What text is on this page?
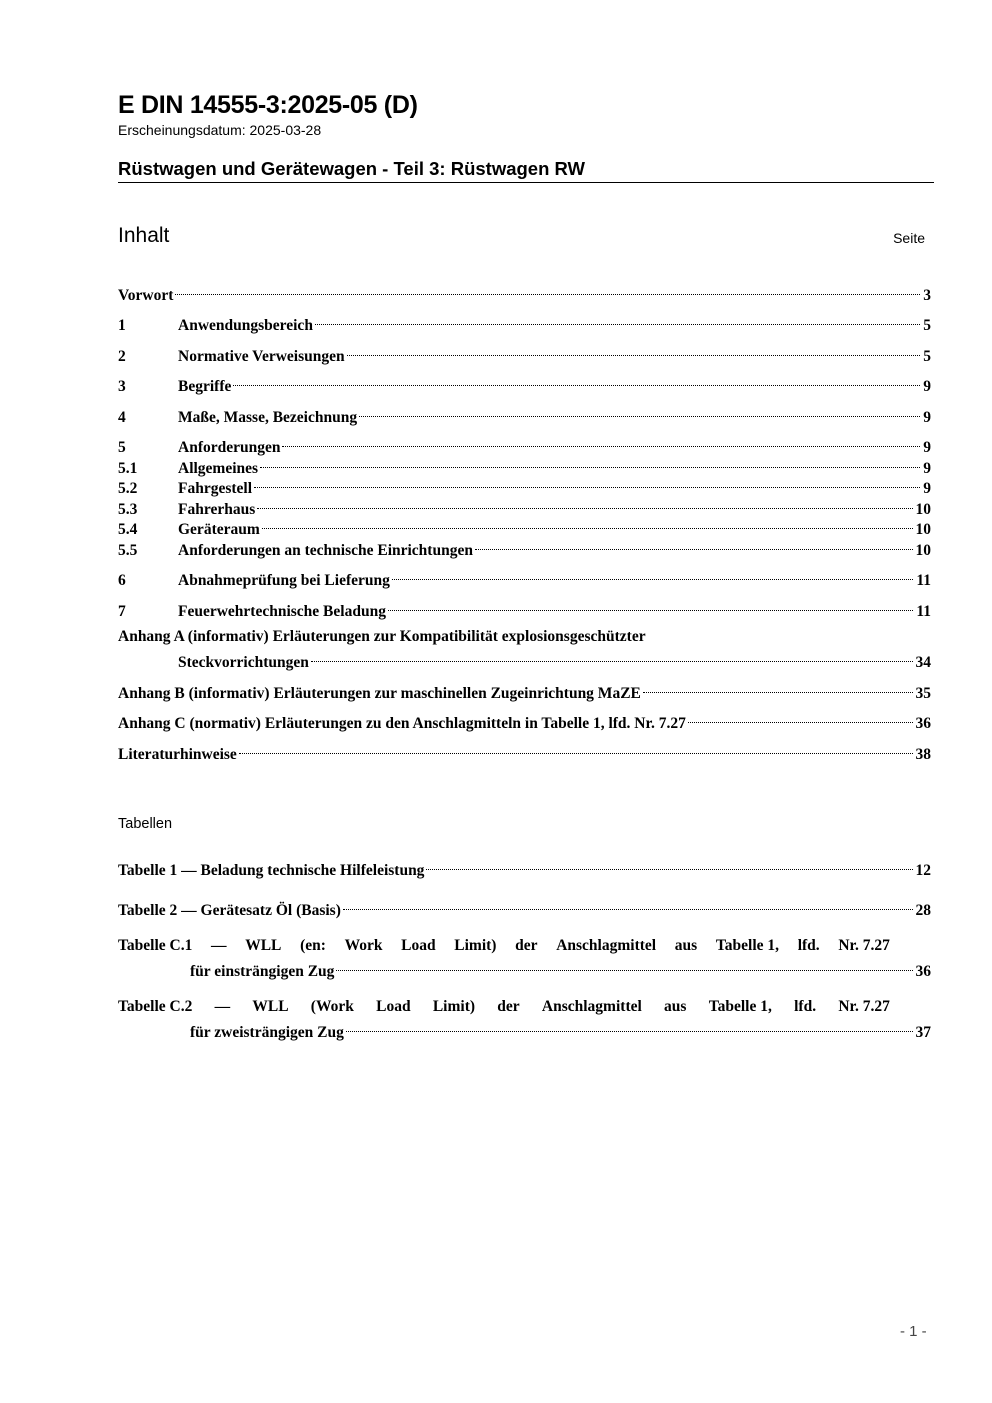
E DIN 14555-3:2025-05 (D)
Erscheinungsdatum: 2025-03-28
Rüstwagen und Gerätewagen - Teil 3: Rüstwagen RW
Inhalt	Seite
Vorwort	3
1	Anwendungsbereich	5
2	Normative Verweisungen	5
3	Begriffe	9
4	Maße, Masse, Bezeichnung	9
5	Anforderungen	9
5.1	Allgemeines	9
5.2	Fahrgestell	9
5.3	Fahrerhaus	10
5.4	Geräteraum	10
5.5	Anforderungen an technische Einrichtungen	10
6	Abnahmeprüfung bei Lieferung	11
7	Feuerwehrtechnische Beladung	11
Anhang A (informativ) Erläuterungen zur Kompatibilität explosionsgeschützter
Steckvorrichtungen	34
Anhang B (informativ) Erläuterungen zur maschinellen Zugeinrichtung MaZE	35
Anhang C (normativ) Erläuterungen zu den Anschlagmitteln in Tabelle 1, lfd. Nr. 7.27	36
Literaturhinweise	38
Tabelle 1 — Beladung technische Hilfeleistung	12
Tabelle 2 — Gerätesatz Öl (Basis)	28
Tabelle C.1 — WLL (en: Work Load Limit) der Anschlagmittel aus Tabelle 1, lfd. Nr. 7.27
für einsträngigen Zug	36
Tabelle C.2 — WLL (Work Load Limit) der Anschlagmittel aus Tabelle 1, lfd. Nr. 7.27
für zweisträngigen Zug	37
Tabellen
- 1 -
